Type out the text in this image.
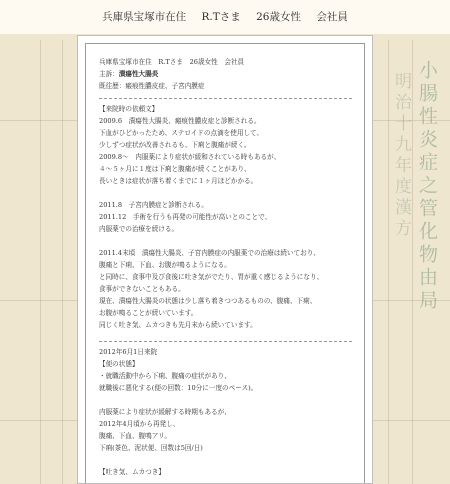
小腸性炎症之管化物由局
明治十九年度漢方
兵庫県宝塚市在住 R.Tさま 26歳女性 会社員
兵庫県宝塚市在住　R.Tさま　26歳女性　会社員
主訴：潰瘍性大腸炎
既往歴：瘢痕性膿皮症、子宮内膜症
【来院時の依頼文】
2009.6　潰瘍性大腸炎、瘢痕性膿皮症と診断される。
下血がひどかったため、ステロイドの点滴を使用して、
少しずつ症状が改善されるも、下痢と腹痛が続く。
2009.8〜　内服薬により症状が緩和されている時もあるが、
４〜５ヶ月に１度は下痢と腹痛が続くことがあり、
長いときは症状が落ち着くまでに１ヶ月ほどかかる。
2011.8　子宮内膜症と診断される。
2011.12　手術を行うも再発の可能性が高いとのことで、
内服薬での治療を続ける。
2011.4末頃　潰瘍性大腸炎、子宮内膜症の内服薬での治療は続いており、
腹痛と下痢、下血、お腹が鳴るようになる。
と同時に、食事中及び食後に吐き気がでたり、胃が重く感じるようになり、
食事ができないこともある。
現在、潰瘍性大腸炎の状態は少し落ち着きつつあるものの、腹痛、下痢、
お腹が鳴ることが続いています。
同じく吐き気、ムカつきも先月末から続いています。
2012年6月1日来院
【便の状態】
・就職活動中から下痢、腹痛の症状があり、
就職後に悪化する(便の回数：10分に一度のペース)。
内服薬により症状が緩解する時期もあるが、
2012年4月頃から再発し、
腹痛、下血、腹鳴アリ。
下痢(茶色、泥状便、回数は5回/日)
【吐き気、ムカつき】
